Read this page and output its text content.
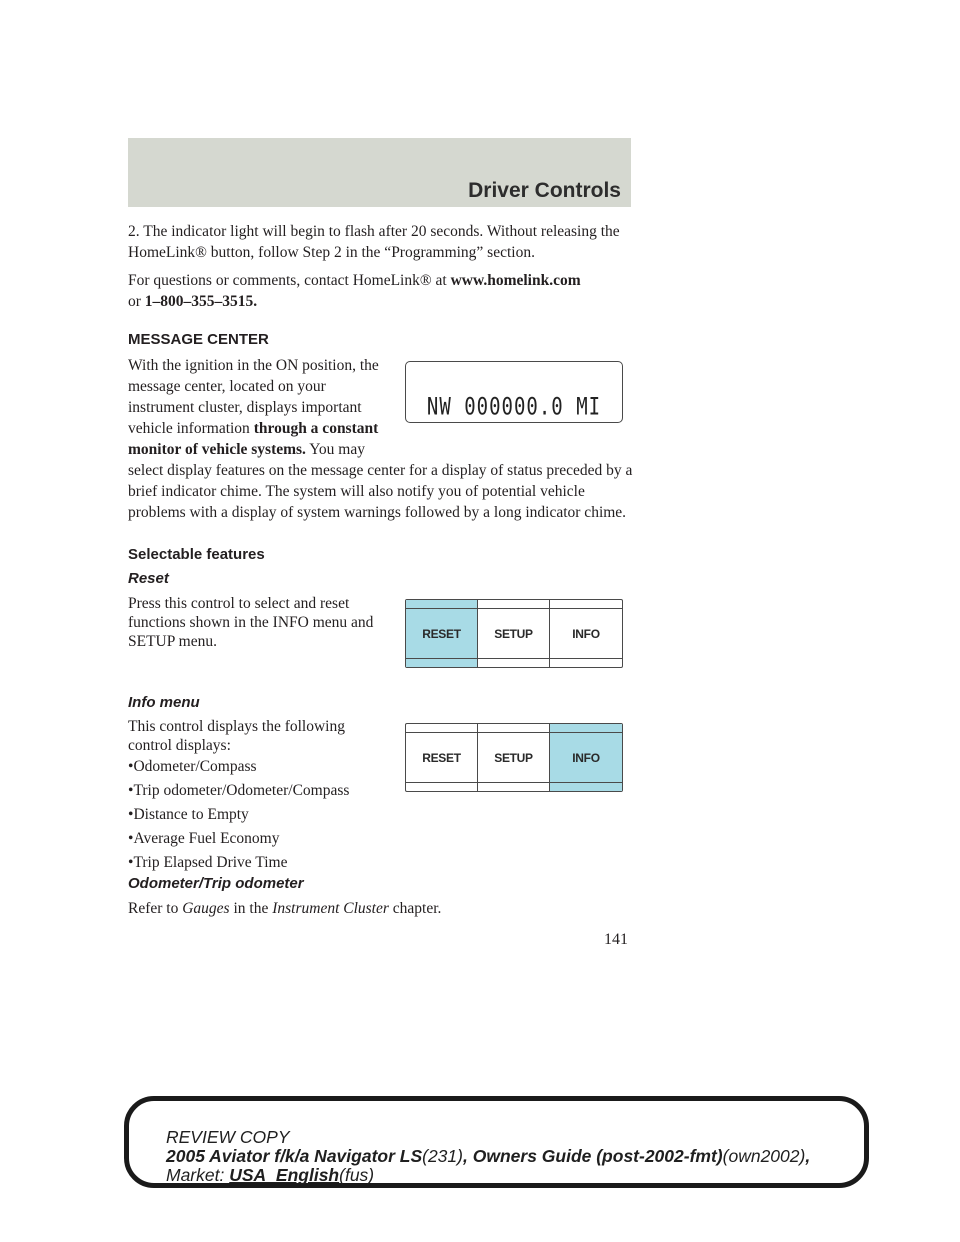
Driver Controls

2. The indicator light will begin to flash after 20 seconds. Without releasing the HomeLink® button, follow Step 2 in the “Programming” section.

For questions or comments, contact HomeLink® at www.homelink.com
or 1–800–355–3515.

MESSAGE CENTER
With the ignition in the ON position, the message center, located on your instrument cluster, displays important vehicle information through a constant monitor of vehicle systems. You may select display features on the message center for a display of status preceded by a brief indicator chime. The system will also notify you of potential vehicle problems with a display of system warnings followed by a long indicator chime.
NW 000000.0 MI
Selectable features
Reset
Press this control to select and reset functions shown in the INFO menu and SETUP menu.	RESET	SETUP	INFO
Info menu
This control displays the following control displays:
•Odometer/Compass
•Trip odometer/Odometer/Compass
•Distance to Empty
•Average Fuel Economy
•Trip Elapsed Drive Time
RESET	SETUP	INFO
Odometer/Trip odometer
Refer to Gauges in the Instrument Cluster chapter.
141
REVIEW COPY
2005 Aviator f/k/a Navigator LS(231), Owners Guide (post-2002-fmt)(own2002),
Market: USA_English(fus)
